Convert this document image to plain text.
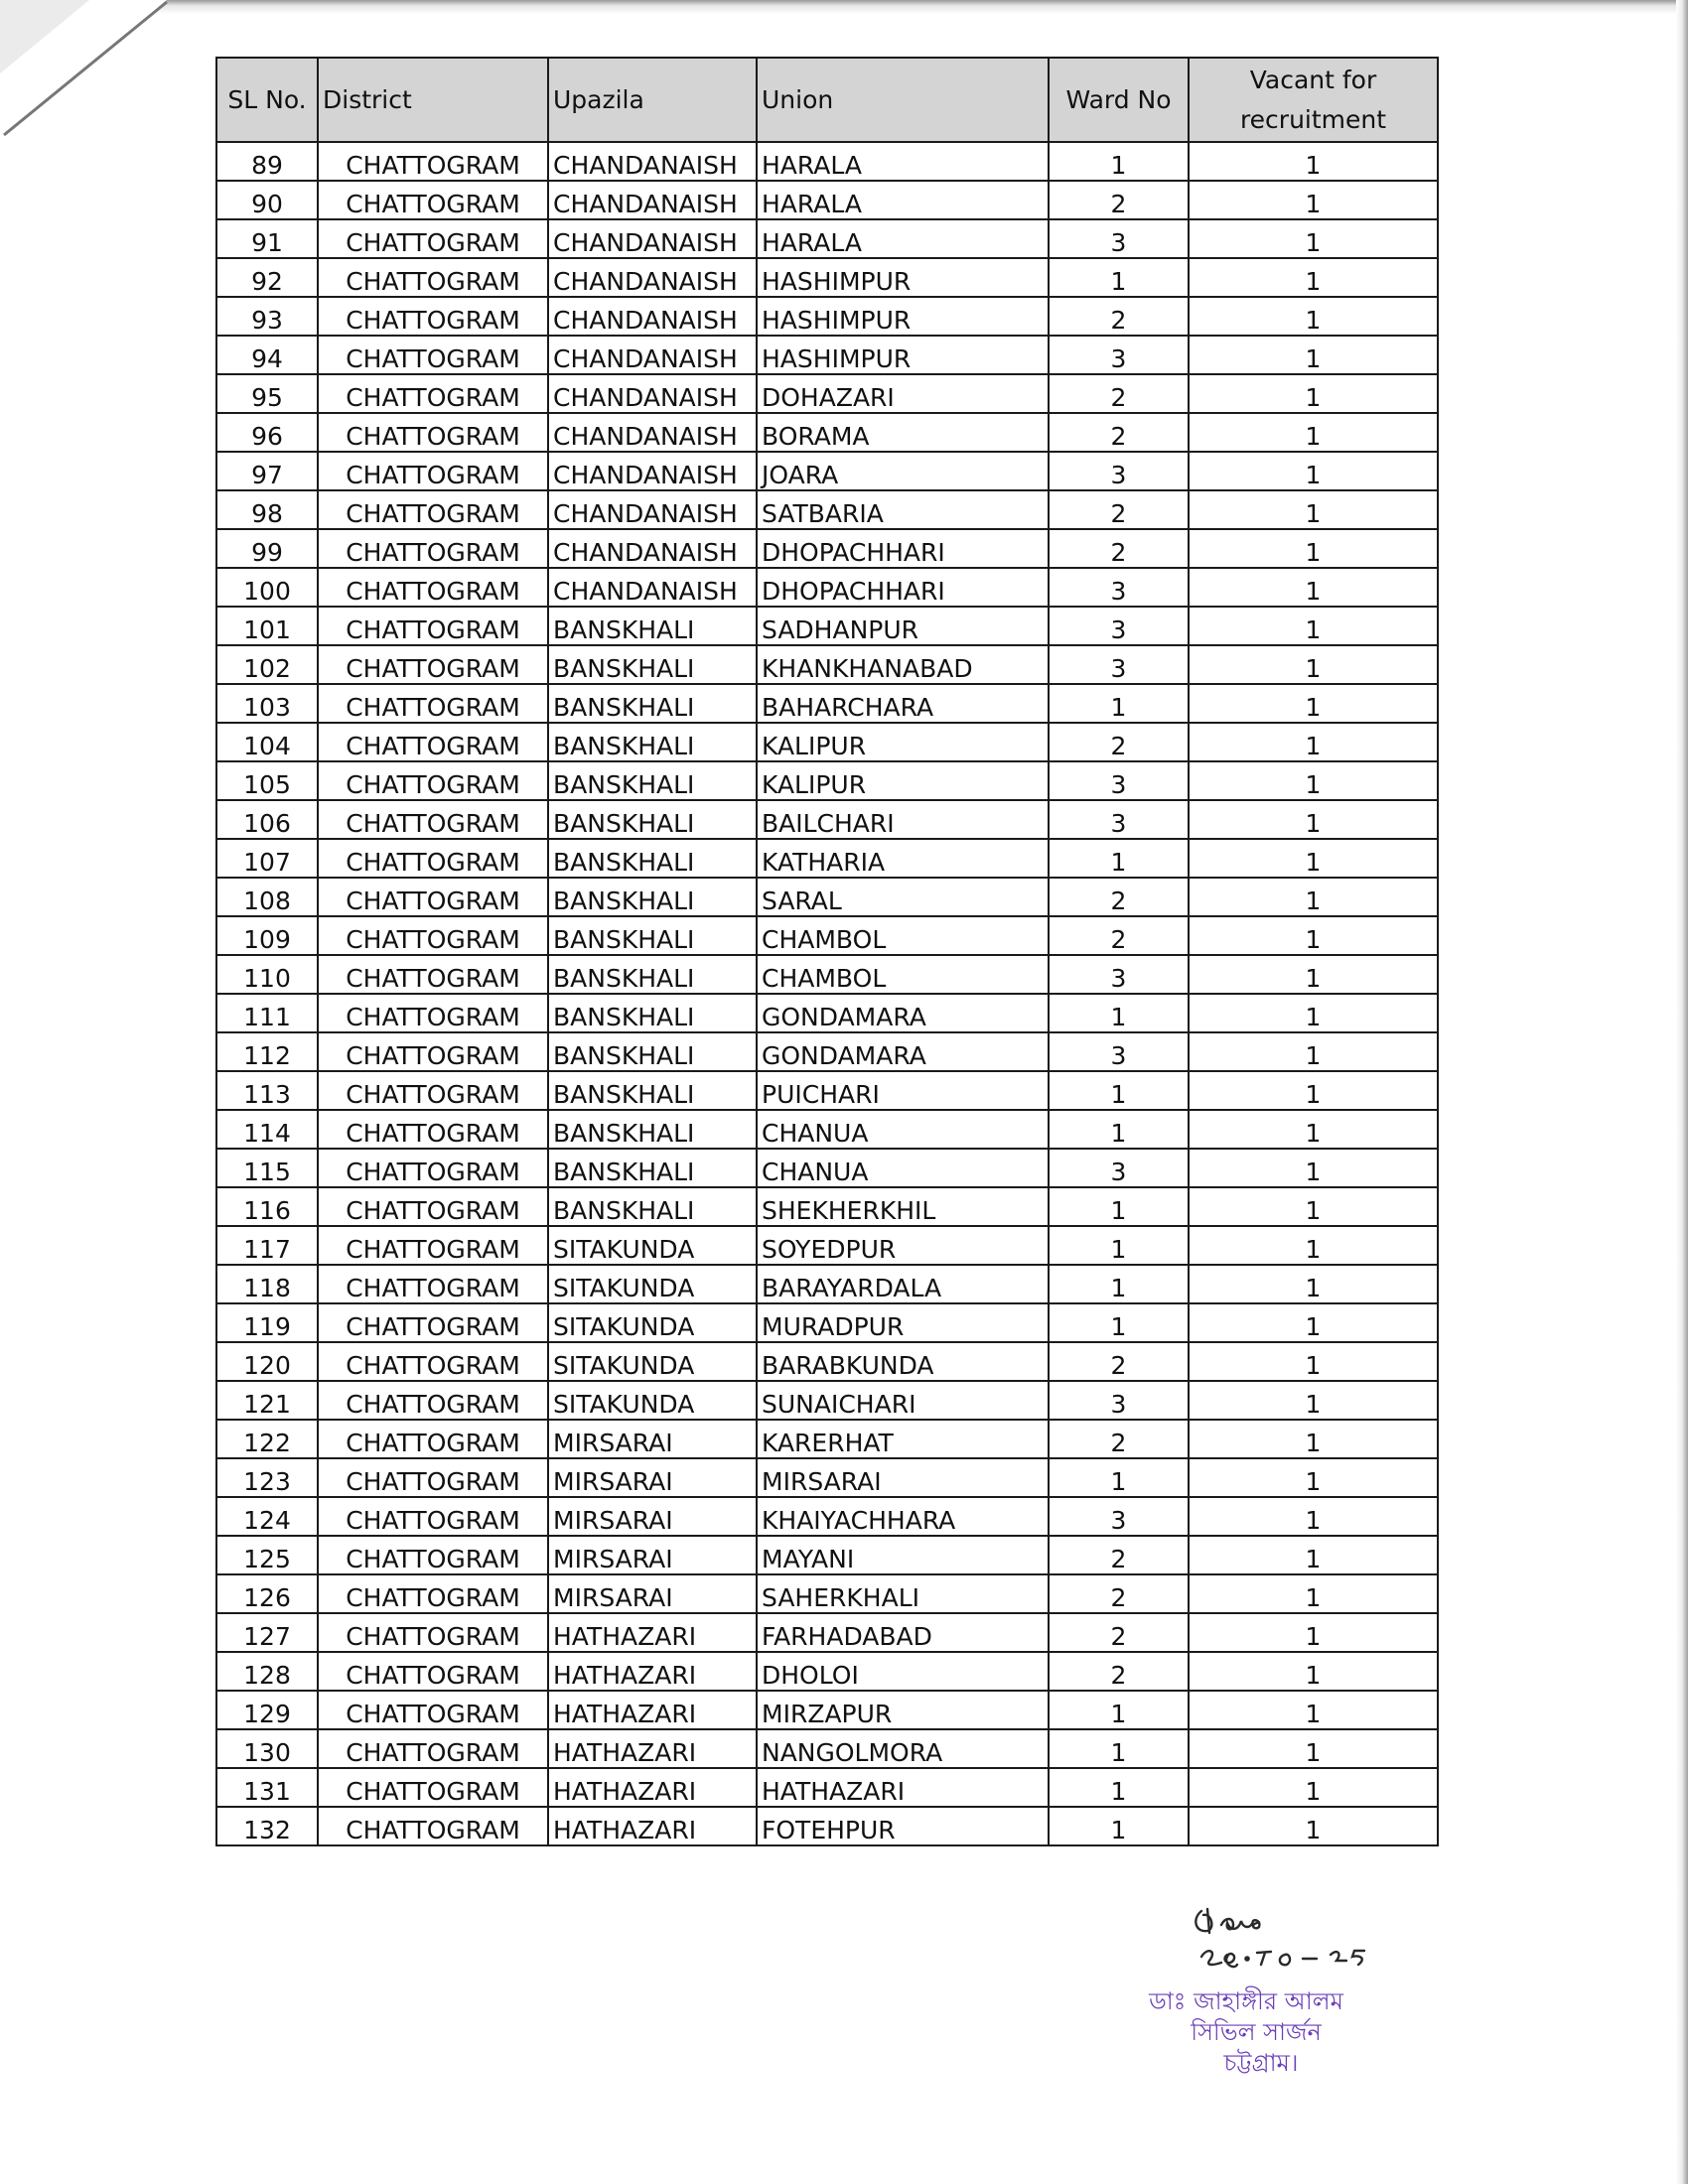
SL No.	District	Upazila	Union	Ward No	Vacant for
recruitment

89	CHATTOGRAM	CHANDANAISH	HARALA	1	1
90	CHATTOGRAM	CHANDANAISH	HARALA	2	1
91	CHATTOGRAM	CHANDANAISH	HARALA	3	1
92	CHATTOGRAM	CHANDANAISH	HASHIMPUR	1	1
93	CHATTOGRAM	CHANDANAISH	HASHIMPUR	2	1
94	CHATTOGRAM	CHANDANAISH	HASHIMPUR	3	1
95	CHATTOGRAM	CHANDANAISH	DOHAZARI	2	1
96	CHATTOGRAM	CHANDANAISH	BORAMA	2	1
97	CHATTOGRAM	CHANDANAISH	JOARA	3	1
98	CHATTOGRAM	CHANDANAISH	SATBARIA	2	1
99	CHATTOGRAM	CHANDANAISH	DHOPACHHARI	2	1
100	CHATTOGRAM	CHANDANAISH	DHOPACHHARI	3	1
101	CHATTOGRAM	BANSKHALI	SADHANPUR	3	1
102	CHATTOGRAM	BANSKHALI	KHANKHANABAD	3	1
103	CHATTOGRAM	BANSKHALI	BAHARCHARA	1	1
104	CHATTOGRAM	BANSKHALI	KALIPUR	2	1
105	CHATTOGRAM	BANSKHALI	KALIPUR	3	1
106	CHATTOGRAM	BANSKHALI	BAILCHARI	3	1
107	CHATTOGRAM	BANSKHALI	KATHARIA	1	1
108	CHATTOGRAM	BANSKHALI	SARAL	2	1
109	CHATTOGRAM	BANSKHALI	CHAMBOL	2	1
110	CHATTOGRAM	BANSKHALI	CHAMBOL	3	1
111	CHATTOGRAM	BANSKHALI	GONDAMARA	1	1
112	CHATTOGRAM	BANSKHALI	GONDAMARA	3	1
113	CHATTOGRAM	BANSKHALI	PUICHARI	1	1
114	CHATTOGRAM	BANSKHALI	CHANUA	1	1
115	CHATTOGRAM	BANSKHALI	CHANUA	3	1
116	CHATTOGRAM	BANSKHALI	SHEKHERKHIL	1	1
117	CHATTOGRAM	SITAKUNDA	SOYEDPUR	1	1
118	CHATTOGRAM	SITAKUNDA	BARAYARDALA	1	1
119	CHATTOGRAM	SITAKUNDA	MURADPUR	1	1
120	CHATTOGRAM	SITAKUNDA	BARABKUNDA	2	1
121	CHATTOGRAM	SITAKUNDA	SUNAICHARI	3	1
122	CHATTOGRAM	MIRSARAI	KARERHAT	2	1
123	CHATTOGRAM	MIRSARAI	MIRSARAI	1	1
124	CHATTOGRAM	MIRSARAI	KHAIYACHHARA	3	1
125	CHATTOGRAM	MIRSARAI	MAYANI	2	1
126	CHATTOGRAM	MIRSARAI	SAHERKHALI	2	1
127	CHATTOGRAM	HATHAZARI	FARHADABAD	2	1
128	CHATTOGRAM	HATHAZARI	DHOLOI	2	1
129	CHATTOGRAM	HATHAZARI	MIRZAPUR	1	1
130	CHATTOGRAM	HATHAZARI	NANGOLMORA	1	1
131	CHATTOGRAM	HATHAZARI	HATHAZARI	1	1
132	CHATTOGRAM	HATHAZARI	FOTEHPUR	1	1
ডাঃ জাহাঙ্গীর আলম
সিভিল সার্জন
চট্টগ্রাম।
